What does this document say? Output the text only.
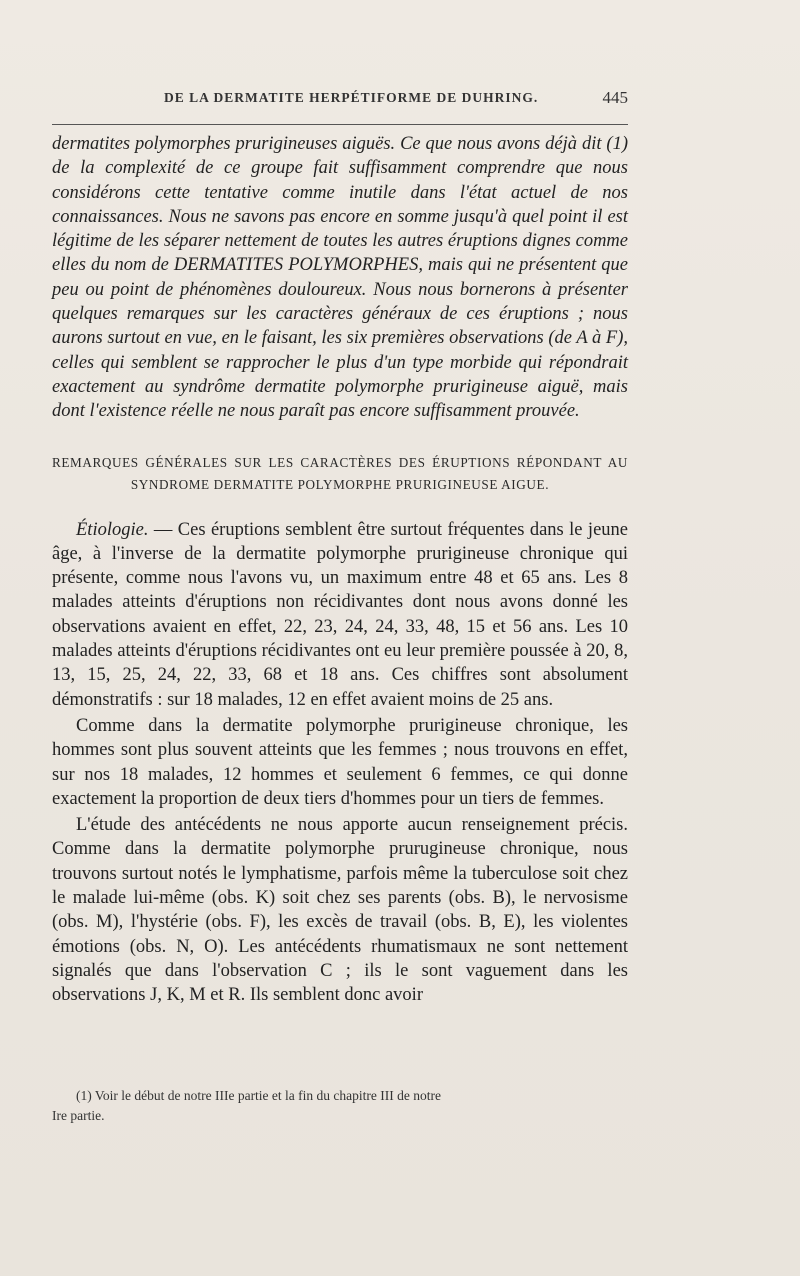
DE LA DERMATITE HERPÉTIFORME DE DUHRING.	445

dermatites polymorphes prurigineuses aiguës. Ce que nous avons déjà dit (1) de la complexité de ce groupe fait suffisamment comprendre que nous considérons cette tentative comme inutile dans l'état actuel de nos connaissances. Nous ne savons pas encore en somme jusqu'à quel point il est légitime de les séparer nettement de toutes les autres éruptions dignes comme elles du nom de DERMATITES POLYMORPHES, mais qui ne présentent que peu ou point de phénomènes douloureux. Nous nous bornerons à présenter quelques remarques sur les caractères généraux de ces éruptions ; nous aurons surtout en vue, en le faisant, les six premières observations (de A à F), celles qui semblent se rapprocher le plus d'un type morbide qui répondrait exactement au syndrôme dermatite polymorphe prurigineuse aiguë, mais dont l'existence réelle ne nous paraît pas encore suffisamment prouvée.

REMARQUES GÉNÉRALES SUR LES CARACTÈRES DES ÉRUPTIONS RÉPONDANT AU
SYNDROME DERMATITE POLYMORPHE PRURIGINEUSE AIGUE.

Étiologie. — Ces éruptions semblent être surtout fréquentes dans le jeune âge, à l'inverse de la dermatite polymorphe prurigineuse chronique qui présente, comme nous l'avons vu, un maximum entre 48 et 65 ans. Les 8 malades atteints d'éruptions non récidivantes dont nous avons donné les observations avaient en effet, 22, 23, 24, 24, 33, 48, 15 et 56 ans. Les 10 malades atteints d'éruptions récidivantes ont eu leur première poussée à 20, 8, 13, 15, 25, 24, 22, 33, 68 et 18 ans. Ces chiffres sont absolument démonstratifs : sur 18 malades, 12 en effet avaient moins de 25 ans.

Comme dans la dermatite polymorphe prurigineuse chronique, les hommes sont plus souvent atteints que les femmes ; nous trouvons en effet, sur nos 18 malades, 12 hommes et seulement 6 femmes, ce qui donne exactement la proportion de deux tiers d'hommes pour un tiers de femmes.

L'étude des antécédents ne nous apporte aucun renseignement précis. Comme dans la dermatite polymorphe prurugineuse chronique, nous trouvons surtout notés le lymphatisme, parfois même la tuberculose soit chez le malade lui-même (obs. K) soit chez ses parents (obs. B), le nervosisme (obs. M), l'hystérie (obs. F), les excès de travail (obs. B, E), les violentes émotions (obs. N, O). Les antécédents rhumatismaux ne sont nettement signalés que dans l'observation C ; ils le sont vaguement dans les observations J, K, M et R. Ils semblent donc avoir

(1) Voir le début de notre IIIe partie et la fin du chapitre III de notre
Ire partie.
